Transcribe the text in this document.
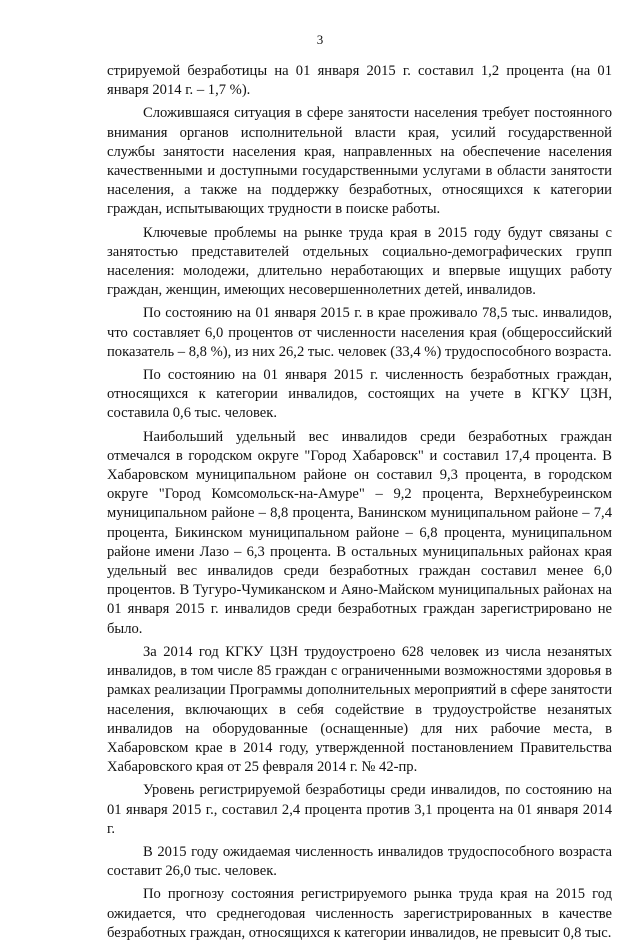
3

стрируемой безработицы на 01 января 2015 г. составил 1,2 процента (на 01 января 2014 г. – 1,7 %).

Сложившаяся ситуация в сфере занятости населения требует постоянного внимания органов исполнительной власти края, усилий государственной службы занятости населения края, направленных на обеспечение населения качественными и доступными государственными услугами в области занятости населения, а также на поддержку безработных, относящихся к категории граждан, испытывающих трудности в поиске работы.

Ключевые проблемы на рынке труда края в 2015 году будут связаны с занятостью представителей отдельных социально-демографических групп населения: молодежи, длительно неработающих и впервые ищущих работу граждан, женщин, имеющих несовершеннолетних детей, инвалидов.

По состоянию на 01 января 2015 г. в крае проживало 78,5 тыс. инвалидов, что составляет 6,0 процентов от численности населения края (общероссийский показатель – 8,8 %), из них 26,2 тыс. человек (33,4 %) трудоспособного возраста.

По состоянию на 01 января 2015 г. численность безработных граждан, относящихся к категории инвалидов, состоящих на учете в КГКУ ЦЗН, составила 0,6 тыс. человек.

Наибольший удельный вес инвалидов среди безработных граждан отмечался в городском округе "Город Хабаровск" и составил 17,4 процента. В Хабаровском муниципальном районе он составил 9,3 процента, в городском округе "Город Комсомольск-на-Амуре" – 9,2 процента, Верхнебуреинском муниципальном районе – 8,8 процента, Ванинском муниципальном районе – 7,4 процента, Бикинском муниципальном районе – 6,8 процента, муниципальном районе имени Лазо – 6,3 процента. В остальных муниципальных районах края удельный вес инвалидов среди безработных граждан составил менее 6,0 процентов. В Тугуро-Чумиканском и Аяно-Майском муниципальных районах на 01 января 2015 г. инвалидов среди безработных граждан зарегистрировано не было.

За 2014 год КГКУ ЦЗН трудоустроено 628 человек из числа незанятых инвалидов, в том числе 85 граждан с ограниченными возможностями здоровья в рамках реализации Программы дополнительных мероприятий в сфере занятости населения, включающих в себя содействие в трудоустройстве незанятых инвалидов на оборудованные (оснащенные) для них рабочие места, в Хабаровском крае в 2014 году, утвержденной постановлением Правительства Хабаровского края от 25 февраля 2014 г. № 42-пр.

Уровень регистрируемой безработицы среди инвалидов, по состоянию на 01 января 2015 г., составил 2,4 процента против 3,1 процента на 01 января 2014 г.

В 2015 году ожидаемая численность инвалидов трудоспособного возраста составит 26,0 тыс. человек.

По прогнозу состояния регистрируемого рынка труда края на 2015 год ожидается, что среднегодовая численность зарегистрированных в качестве безработных граждан, относящихся к категории инвалидов, не превысит 0,8 тыс.
